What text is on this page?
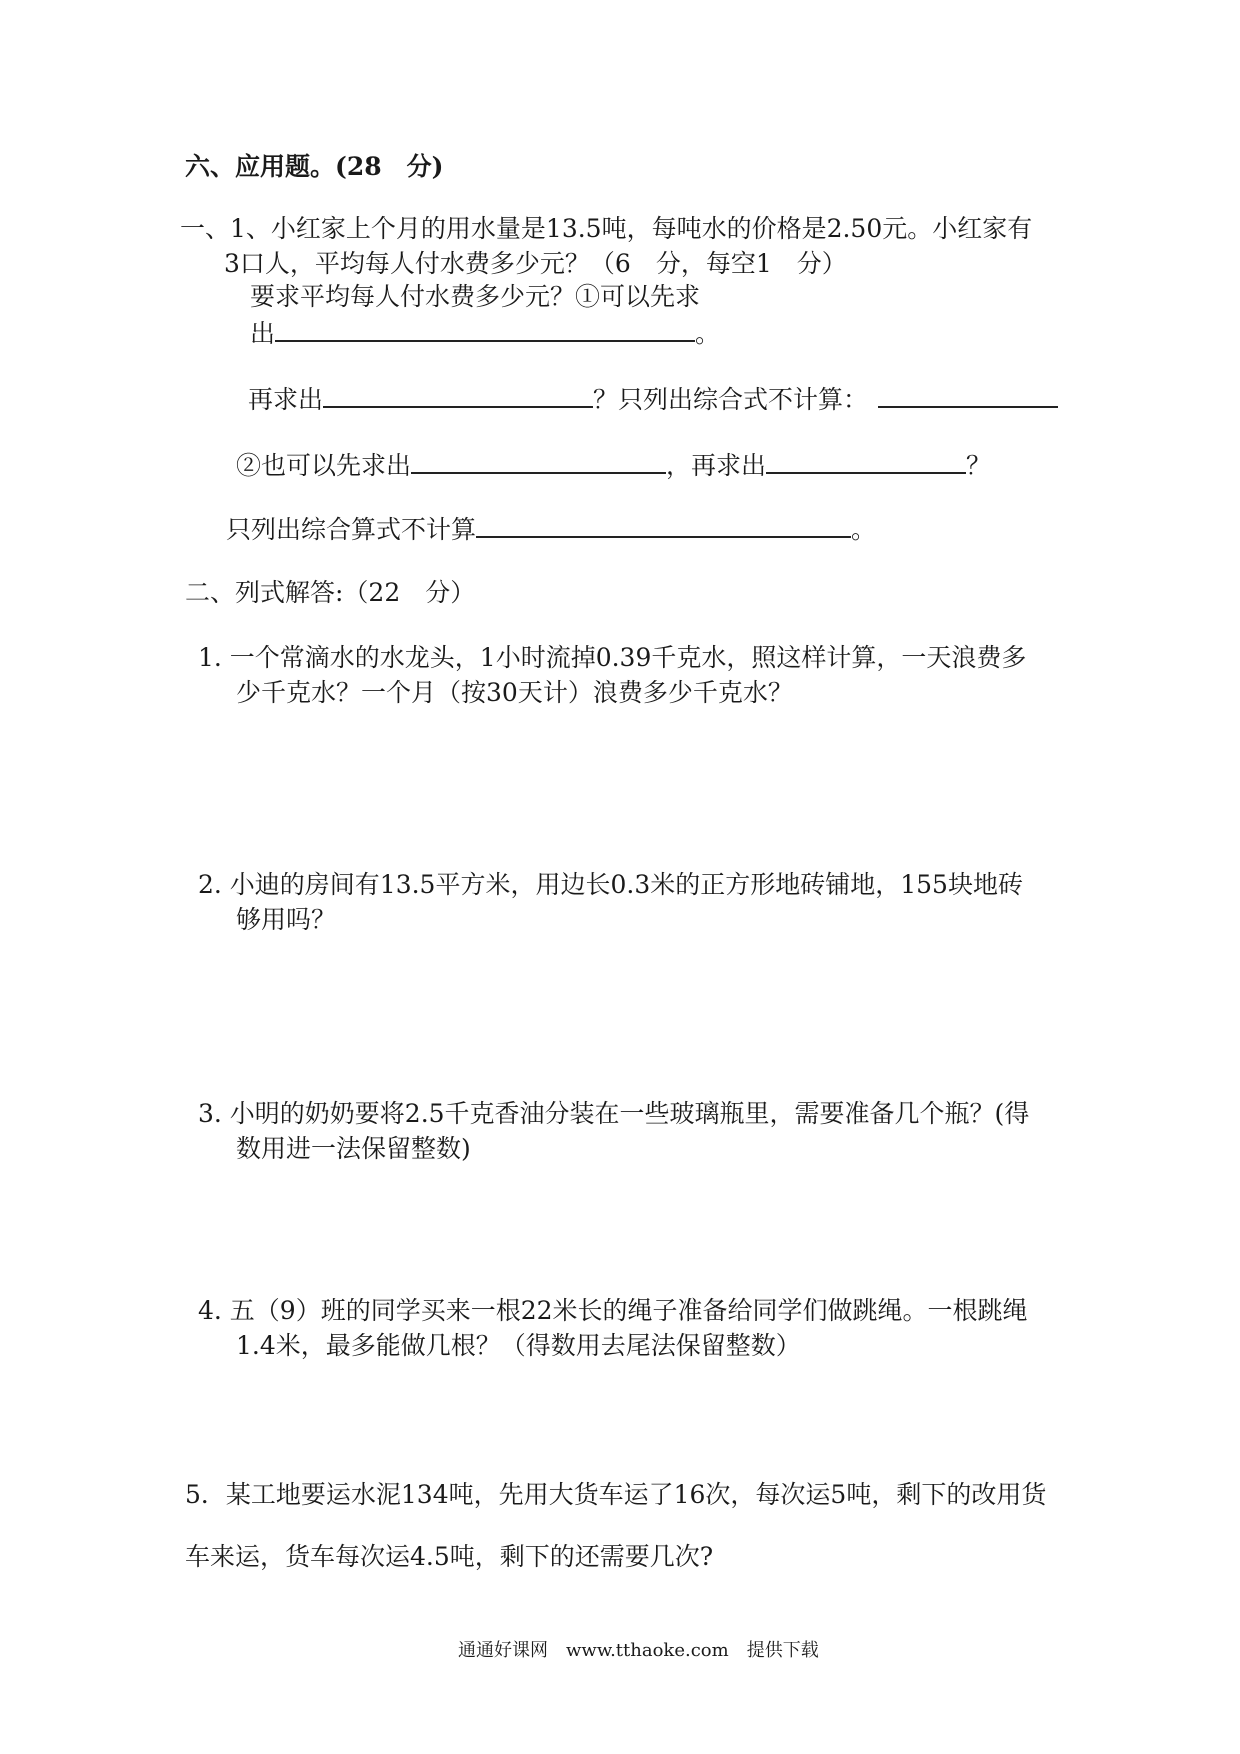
六、应用题。(28　分)
一、1、小红家上个月的用水量是13.5吨，每吨水的价格是2.50元。小红家有
3口人，平均每人付水费多少元？（6　分，每空1　分）
要求平均每人付水费多少元？①可以先求
出	。
再求出	？只列出综合式不计算：
②也可以先求出	，再求出	？
只列出综合算式不计算	。
二、列式解答:（22　分）
1. 一个常滴水的水龙头，1小时流掉0.39千克水，照这样计算，一天浪费多
少千克水？一个月（按30天计）浪费多少千克水？
2. 小迪的房间有13.5平方米，用边长0.3米的正方形地砖铺地，155块地砖
够用吗？
3. 小明的奶奶要将2.5千克香油分装在一些玻璃瓶里，需要准备几个瓶？(得
数用进一法保留整数)
4. 五（9）班的同学买来一根22米长的绳子准备给同学们做跳绳。一根跳绳
1.4米，最多能做几根？（得数用去尾法保留整数）
5．某工地要运水泥134吨，先用大货车运了16次，每次运5吨，剩下的改用货
车来运，货车每次运4.5吨，剩下的还需要几次?
通通好课网　www.tthaoke.com　提供下载
